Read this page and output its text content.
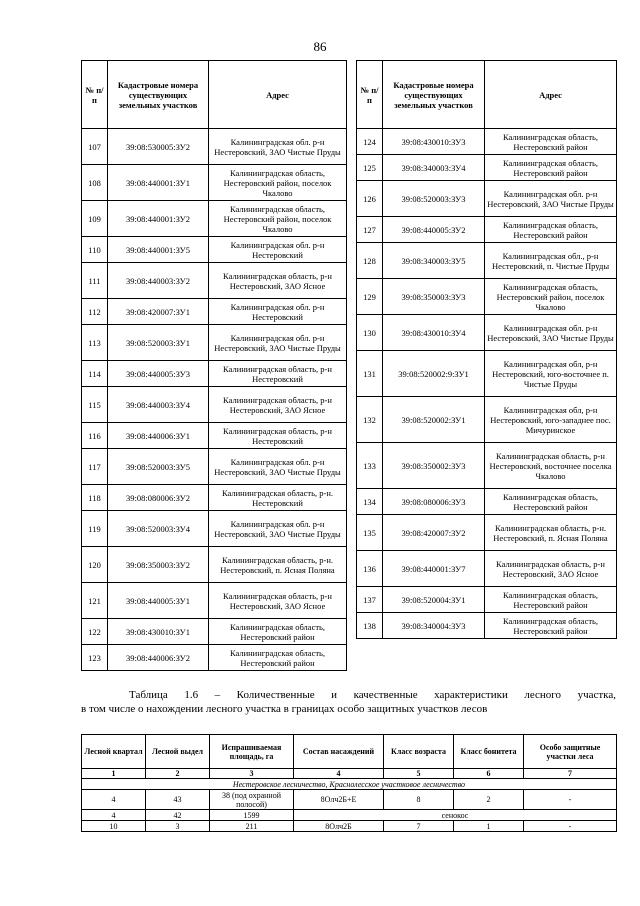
86
№ п/п	Кадастровые номера существующих земельных участков	Адрес
107	39:08:530005:ЗУ2	Калининградская обл. р-н Нестеровский, ЗАО Чистые Пруды
108	39:08:440001:ЗУ1	Калининградская область, Нестеровский район, поселок Чкалово
109	39:08:440001:ЗУ2	Калининградская область, Нестеровский район, поселок Чкалово
110	39:08:440001:ЗУ5	Калининградская обл. р-н Нестеровский
111	39:08:440003:ЗУ2	Калининградская область, р-н Нестеровский, ЗАО Ясное
112	39:08:420007:ЗУ1	Калининградская обл. р-н Нестеровский
113	39:08:520003:ЗУ1	Калининградская обл. р-н Нестеровский, ЗАО Чистые Пруды
114	39:08:440005:ЗУ3	Калининградская область, р-н Нестеровский
115	39:08:440003:ЗУ4	Калининградская область, р-н Нестеровский, ЗАО Ясное
116	39:08:440006:ЗУ1	Калининградская область, р-н Нестеровский
117	39:08:520003:ЗУ5	Калининградская обл. р-н Нестеровский, ЗАО Чистые Пруды
118	39:08:080006:ЗУ2	Калининградская область, р-н. Нестеровский
119	39:08:520003:ЗУ4	Калининградская обл. р-н Нестеровский, ЗАО Чистые Пруды
120	39:08:350003:ЗУ2	Калининградская область, р-н. Нестеровский, п. Ясная Поляна
121	39:08:440005:ЗУ1	Калининградская область, р-н Нестеровский, ЗАО Ясное
122	39:08:430010:ЗУ1	Калининградская область, Нестеровский район
123	39:08:440006:ЗУ2	Калининградская область, Нестеровский район
№ п/п	Кадастровые номера существующих земельных участков	Адрес
124	39:08:430010:ЗУ3	Калининградская область, Нестеровский район
125	39:08:340003:ЗУ4	Калининградская область, Нестеровский район
126	39:08:520003:ЗУ3	Калининградская обл. р-н Нестеровский, ЗАО Чистые Пруды
127	39:08:440005:ЗУ2	Калининградская область, Нестеровский район
128	39:08:340003:ЗУ5	Калининградская обл., р-н Нестеровский, п. Чистые Пруды
129	39:08:350003:ЗУ3	Калининградская область, Нестеровский район, поселок Чкалово
130	39:08:430010:ЗУ4	Калининградская обл. р-н Нестеровский, ЗАО Чистые Пруды
131	39:08:520002:9:ЗУ1	Калининградская обл, р-н Нестеровский, юго-восточнее п. Чистые Пруды
132	39:08:520002:ЗУ1	Калининградская обл, р-н Нестеровский, юго-западнее пос. Мичуринское
133	39:08:350002:ЗУ3	Калининградская область, р-н Нестеровский, восточнее поселка Чкалово
134	39:08:080006:ЗУ3	Калининградская область, Нестеровский район
135	39:08:420007:ЗУ2	Калининградская область, р-н. Нестеровский, п. Ясная Поляна
136	39:08:440001:ЗУ7	Калининградская область, р-н Нестеровский, ЗАО Ясное
137	39:08:520004:ЗУ1	Калининградская область, Нестеровский район
138	39:08:340004:ЗУ3	Калининградская область, Нестеровский район
Таблица 1.6 – Количественные и качественные характеристики лесного участка,
в том числе о нахождении лесного участка в границах особо защитных участков лесов
Лесной квартал	Лесной выдел	Испрашиваемая площадь, га	Состав насаждений	Класс возраста	Класс бонитета	Особо защитные участки леса
1	2	3	4	5	6	7
Нестеровское лесничество, Краснолесское участковое лесничество						
4	43	38 (под охранной полосой)	8Олч2Б+Е	8	2	-
4	42	1599	сенокос			
10	3	211	8Олч2Б	7	1	-
